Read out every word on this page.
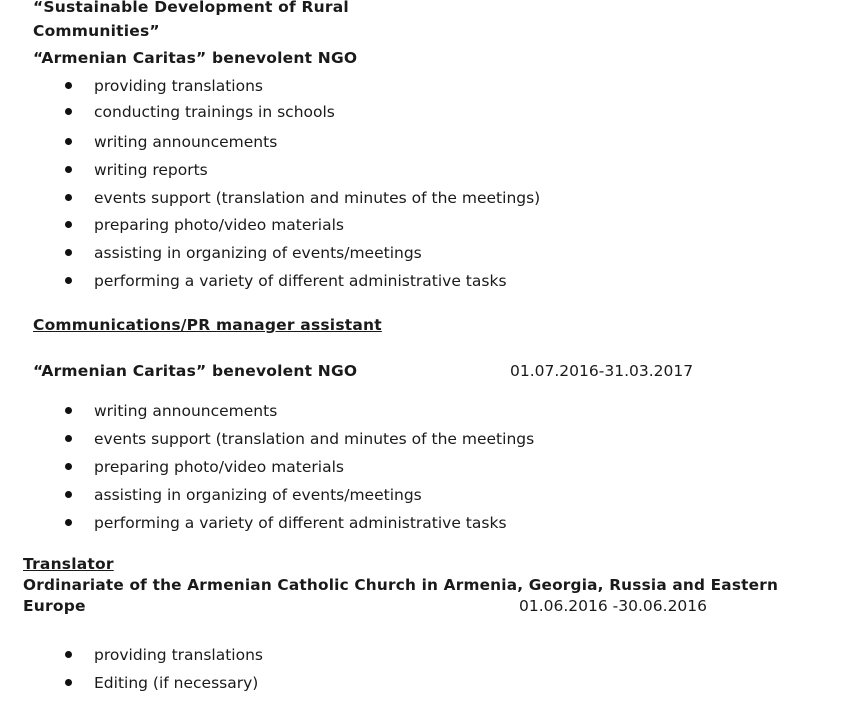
“Sustainable Development of Rural
Communities”
“Armenian Caritas” benevolent NGO
providing translations
conducting trainings in schools
writing announcements
writing reports
events support (translation and minutes of the meetings)
preparing photo/video materials
assisting in organizing of events/meetings
performing a variety of different administrative tasks
Communications/PR manager assistant
“Armenian Caritas” benevolent NGO	01.07.2016-31.03.2017
writing announcements
events support (translation and minutes of the meetings
preparing photo/video materials
assisting in organizing of events/meetings
performing a variety of different administrative tasks
Translator
Ordinariate of the Armenian Catholic Church in Armenia, Georgia, Russia and Eastern
Europe	01.06.2016 -30.06.2016
providing translations
Editing (if necessary)
